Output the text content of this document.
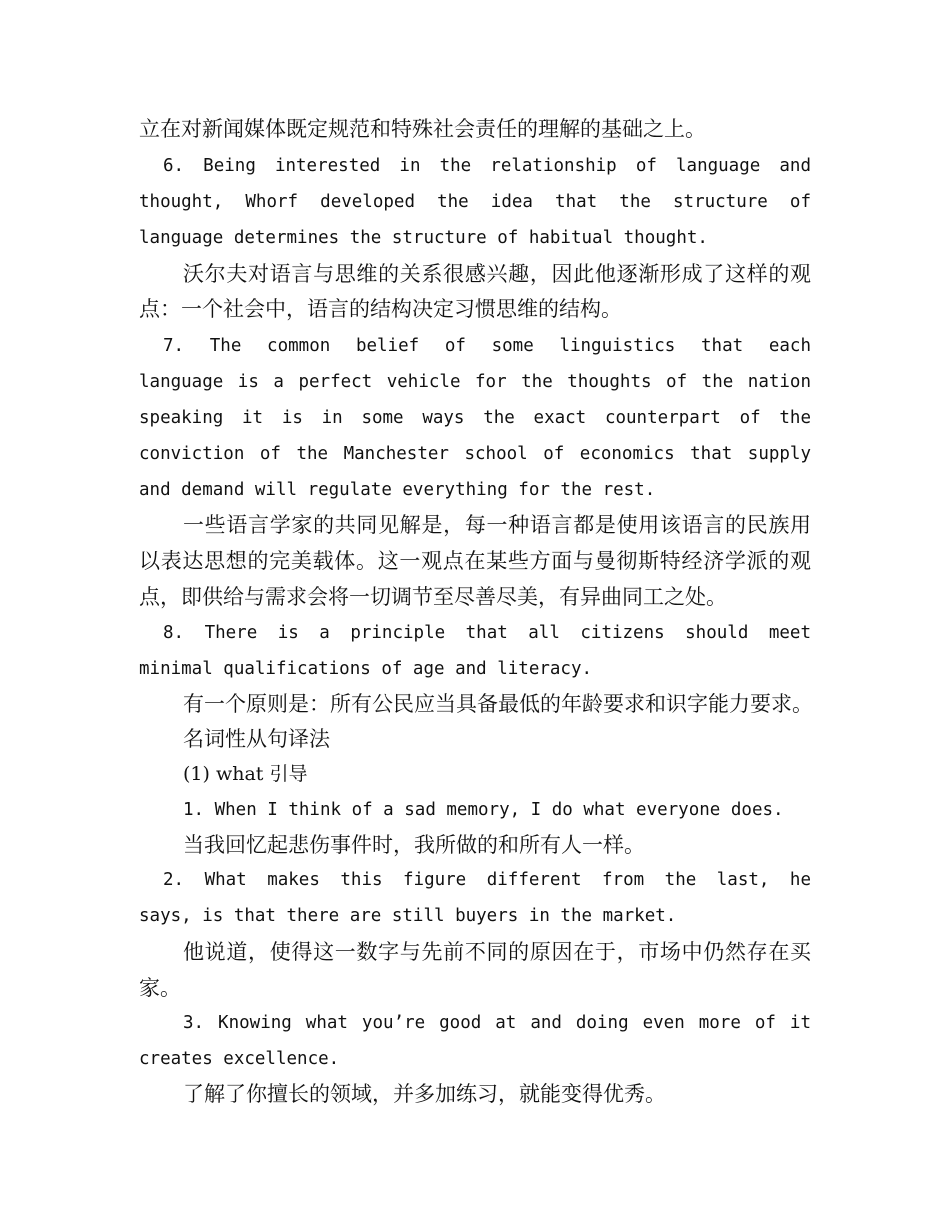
立在对新闻媒体既定规范和特殊社会责任的理解的基础之上。
6. Being interested in the relationship of language and
thought, Whorf developed the idea that the structure of
language determines the structure of habitual thought.
沃尔夫对语言与思维的关系很感兴趣，因此他逐渐形成了这样的观
点：一个社会中，语言的结构决定习惯思维的结构。
7. The common belief of some linguistics that each
language is a perfect vehicle for the thoughts of the nation
speaking it is in some ways the exact counterpart of the
conviction of the Manchester school of economics that supply
and demand will regulate everything for the rest.
一些语言学家的共同见解是，每一种语言都是使用该语言的民族用
以表达思想的完美载体。这一观点在某些方面与曼彻斯特经济学派的观
点，即供给与需求会将一切调节至尽善尽美，有异曲同工之处。
8. There is a principle that all citizens should meet
minimal qualifications of age and literacy.
有一个原则是：所有公民应当具备最低的年龄要求和识字能力要求。
名词性从句译法
(1) what 引导
1. When I think of a sad memory, I do what everyone does.
当我回忆起悲伤事件时，我所做的和所有人一样。
2. What makes this figure different from the last, he
says, is that there are still buyers in the market.
他说道，使得这一数字与先前不同的原因在于，市场中仍然存在买
家。
3. Knowing what you’re good at and doing even more of it
creates excellence.
了解了你擅长的领域，并多加练习，就能变得优秀。
